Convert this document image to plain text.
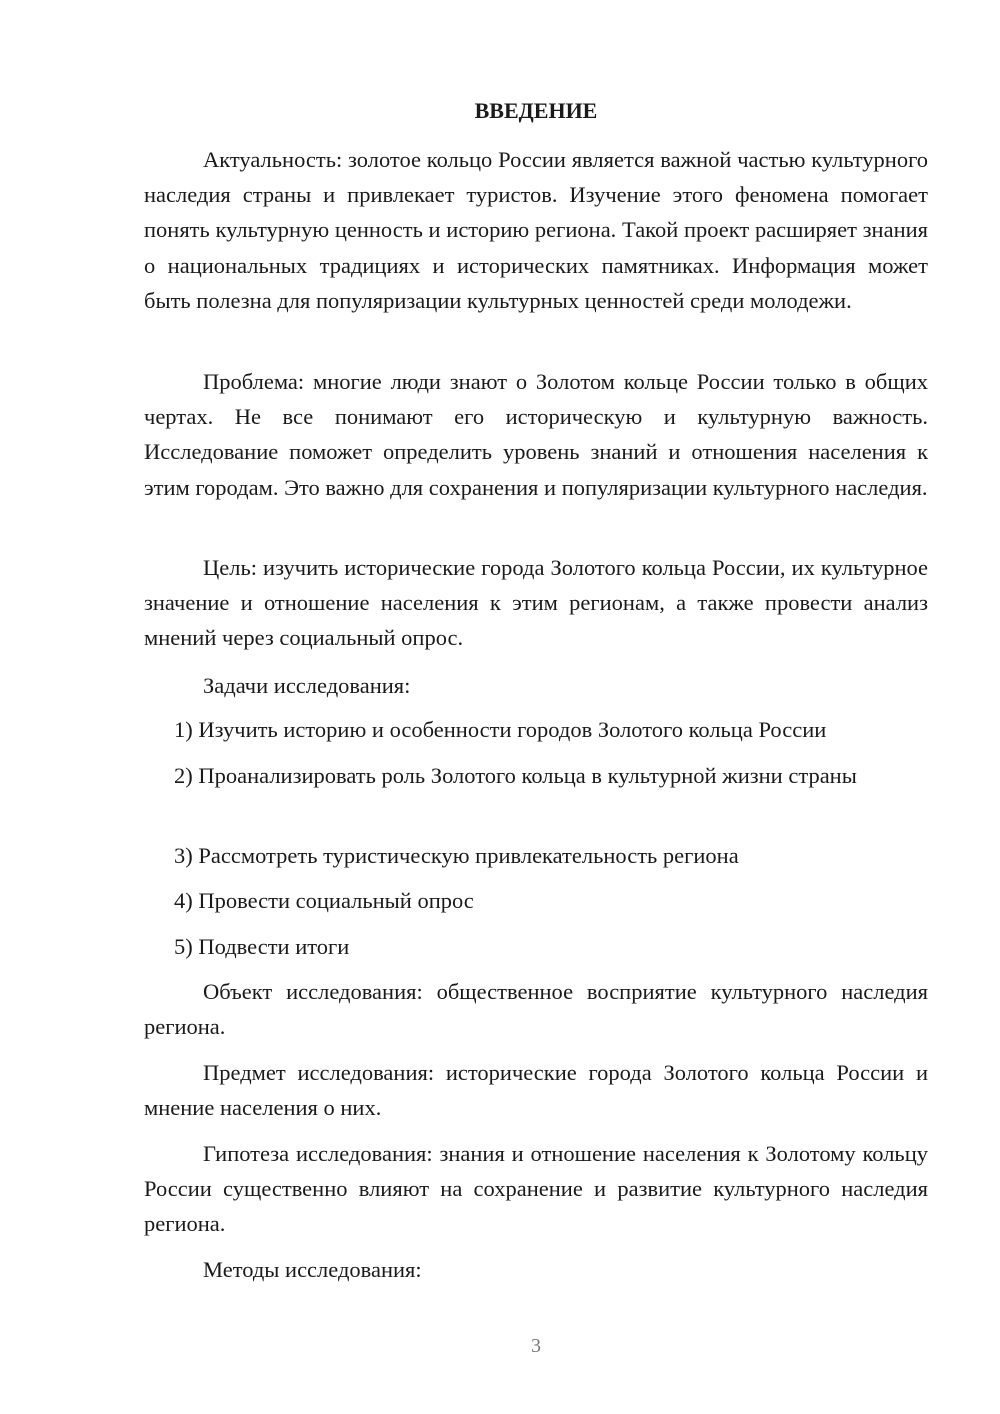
ВВЕДЕНИЕ

Актуальность: золотое кольцо России является важной частью культурного наследия страны и привлекает туристов. Изучение этого феномена помогает понять культурную ценность и историю региона. Такой проект расширяет знания о национальных традициях и исторических памятниках. Информация может быть полезна для популяризации культурных ценностей среди молодежи.

Проблема: многие люди знают о Золотом кольце России только в общих чертах. Не все понимают его историческую и культурную важность. Исследование поможет определить уровень знаний и отношения населения к этим городам. Это важно для сохранения и популяризации культурного наследия.

Цель: изучить исторические города Золотого кольца России, их культурное значение и отношение населения к этим регионам, а также провести анализ мнений через социальный опрос.

Задачи исследования:

1) Изучить историю и особенности городов Золотого кольца России

2) Проанализировать роль Золотого кольца в культурной жизни страны

3) Рассмотреть туристическую привлекательность региона

4) Провести социальный опрос

5) Подвести итоги

Объект исследования: общественное восприятие культурного наследия региона.

Предмет исследования: исторические города Золотого кольца России и мнение населения о них.

Гипотеза исследования: знания и отношение населения к Золотому кольцу России существенно влияют на сохранение и развитие культурного наследия региона.

Методы исследования:

3
